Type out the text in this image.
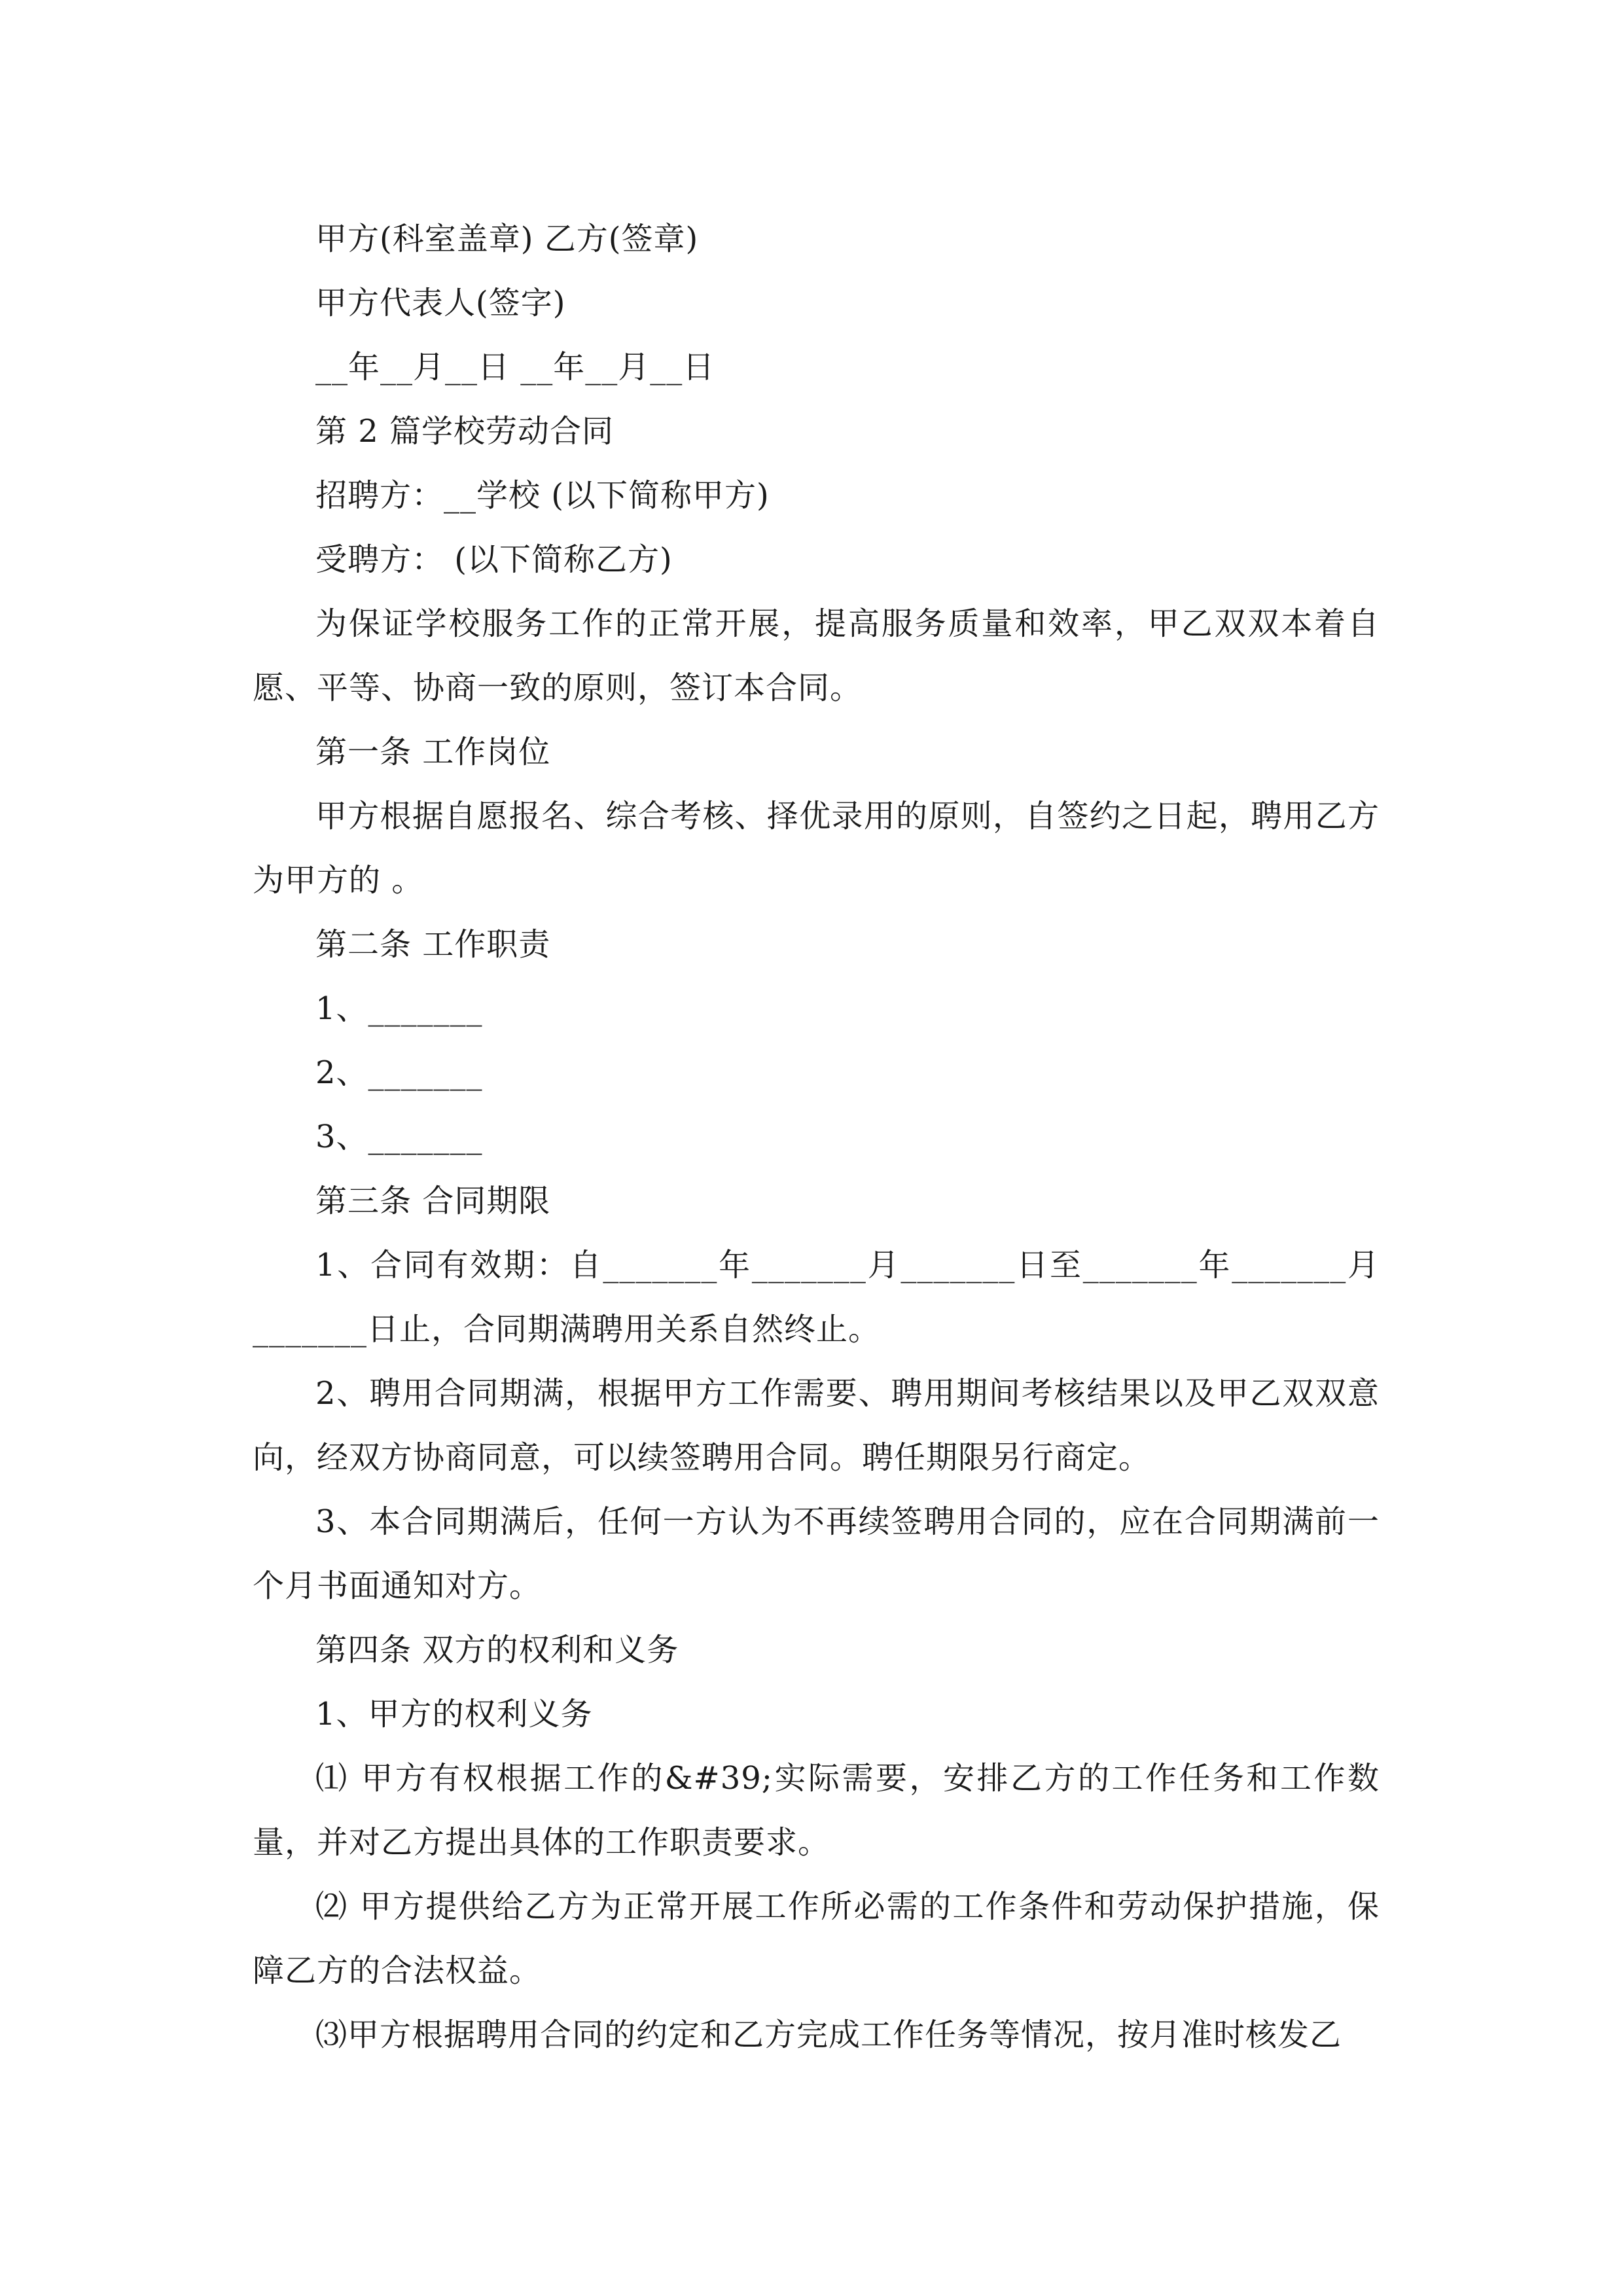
甲方(科室盖章) 乙方(签章)

甲方代表人(签字)

__年__月__日 __年__月__日

第 2 篇学校劳动合同

招聘方：__学校 (以下简称甲方)

受聘方： (以下简称乙方)

为保证学校服务工作的正常开展，提高服务质量和效率，甲乙双双本着自愿、平等、协商一致的原则，签订本合同。

第一条 工作岗位

甲方根据自愿报名、综合考核、择优录用的原则，自签约之日起，聘用乙方为甲方的 。

第二条 工作职责

1、_______

2、_______

3、_______

第三条 合同期限

1、合同有效期：自_______年_______月_______日至_______年_______月_______日止，合同期满聘用关系自然终止。

2、聘用合同期满，根据甲方工作需要、聘用期间考核结果以及甲乙双双意向，经双方协商同意，可以续签聘用合同。聘任期限另行商定。

3、本合同期满后，任何一方认为不再续签聘用合同的，应在合同期满前一个月书面通知对方。

第四条 双方的权利和义务

1、甲方的权利义务

⑴ 甲方有权根据工作的&#39;实际需要，安排乙方的工作任务和工作数量，并对乙方提出具体的工作职责要求。

⑵ 甲方提供给乙方为正常开展工作所必需的工作条件和劳动保护措施，保障乙方的合法权益。

⑶甲方根据聘用合同的约定和乙方完成工作任务等情况，按月准时核发乙
